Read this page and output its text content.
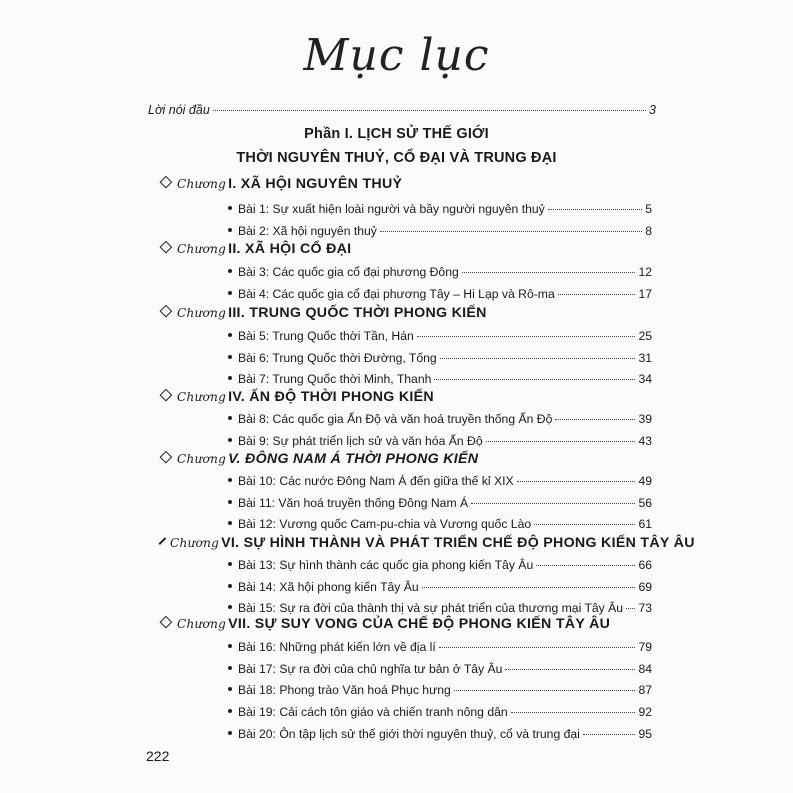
Mục lục
Lời nói đầu	3
Phần I. LỊCH SỬ THẾ GIỚI
THỜI NGUYÊN THUỶ, CỔ ĐẠI VÀ TRUNG ĐẠI
Chương I. XÃ HỘI NGUYÊN THUỶ
Bài 1: Sự xuất hiện loài người và bầy người nguyên thuỷ	5
Bài 2: Xã hội nguyên thuỷ	8
Chương II. XÃ HỘI CỔ ĐẠI
Bài 3: Các quốc gia cổ đại phương Đông	12
Bài 4: Các quốc gia cổ đại phương Tây – Hi Lạp và Rô-ma	17
Chương III. TRUNG QUỐC THỜI PHONG KIẾN
Bài 5: Trung Quốc thời Tần, Hán	25
Bài 6: Trung Quốc thời Đường, Tống	31
Bài 7: Trung Quốc thời Minh, Thanh	34
Chương IV. ẤN ĐỘ THỜI PHONG KIẾN
Bài 8: Các quốc gia Ấn Độ và văn hoá truyền thống Ấn Độ	39
Bài 9: Sự phát triển lịch sử và văn hóa Ấn Độ	43
Chương V. ĐÔNG NAM Á THỜI PHONG KIẾN
Bài 10: Các nước Đông Nam Á đến giữa thế kỉ XIX	49
Bài 11: Văn hoá truyền thống Đông Nam Á	56
Bài 12: Vương quốc Cam-pu-chia và Vương quốc Lào	61
Chương VI. SỰ HÌNH THÀNH VÀ PHÁT TRIỂN CHẾ ĐỘ PHONG KIẾN TÂY ÂU
Bài 13: Sự hình thành các quốc gia phong kiến Tây Âu	66
Bài 14: Xã hội phong kiến Tây Âu	69
Bài 15: Sự ra đời của thành thị và sự phát triển của thương mại Tây Âu 73
Chương VII. SỰ SUY VONG CỦA CHẾ ĐỘ PHONG KIẾN TÂY ÂU
Bài 16: Những phát kiến lớn về địa lí	79
Bài 17: Sự ra đời của chủ nghĩa tư bản ở Tây Âu	84
Bài 18: Phong trào Văn hoá Phục hưng	87
Bài 19: Cải cách tôn giáo và chiến tranh nông dân	92
Bài 20: Ôn tập lịch sử thế giới thời nguyên thuỷ, cổ và trung đại	95
222
